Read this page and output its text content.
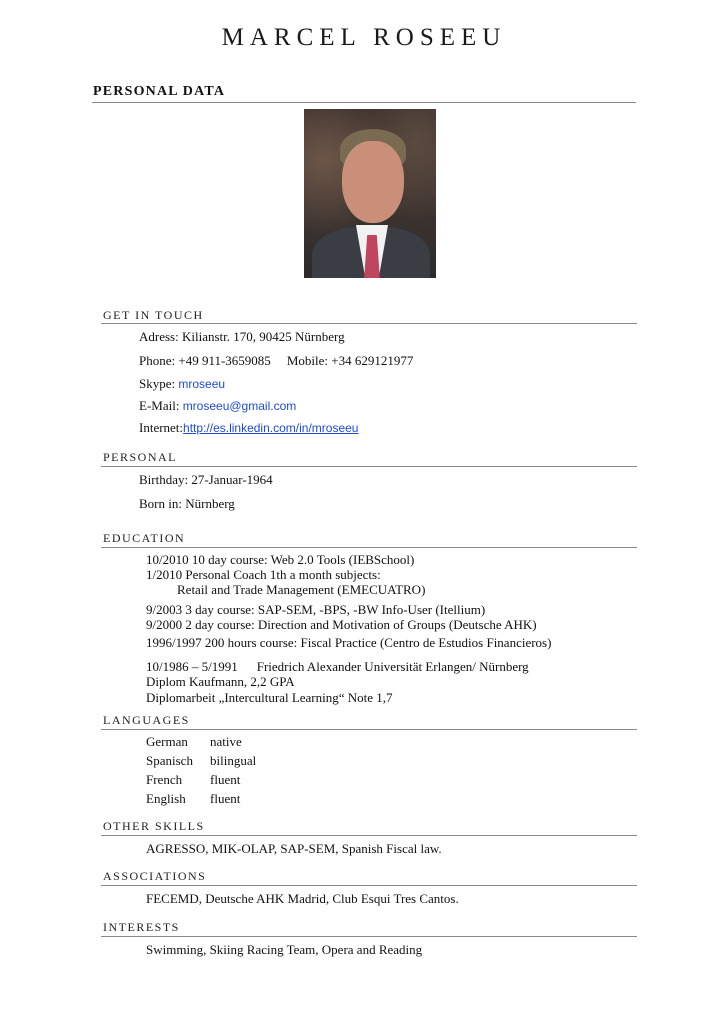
MARCEL ROSEEU
PERSONAL DATA
GET IN TOUCH
Adress: Kilianstr. 170, 90425 Nürnberg
Phone: +49 911-3659085 Mobile: +34 629121977
Skype: mroseeu
E-Mail: mroseeu@gmail.com
Internet:http://es.linkedin.com/in/mroseeu
PERSONAL
Birthday: 27-Januar-1964
Born in: Nürnberg
EDUCATION
10/2010 10 day course: Web 2.0 Tools (IEBSchool)
1/2010 Personal Coach 1th a month subjects:
Retail and Trade Management (EMECUATRO)
9/2003 3 day course: SAP-SEM, -BPS, -BW Info-User (Itellium)
9/2000 2 day course: Direction and Motivation of Groups (Deutsche AHK)
1996/1997 200 hours course: Fiscal Practice (Centro de Estudios Financieros)
10/1986 – 5/1991 Friedrich Alexander Universität Erlangen/ Nürnberg
Diplom Kaufmann, 2,2 GPA
Diplomarbeit „Intercultural Learning“ Note 1,7
LANGUAGES
German native
Spanisch bilingual
French fluent
English fluent
OTHER SKILLS
AGRESSO, MIK-OLAP, SAP-SEM, Spanish Fiscal law.
ASSOCIATIONS
FECEMD, Deutsche AHK Madrid, Club Esqui Tres Cantos.
INTERESTS
Swimming, Skiing Racing Team, Opera and Reading
